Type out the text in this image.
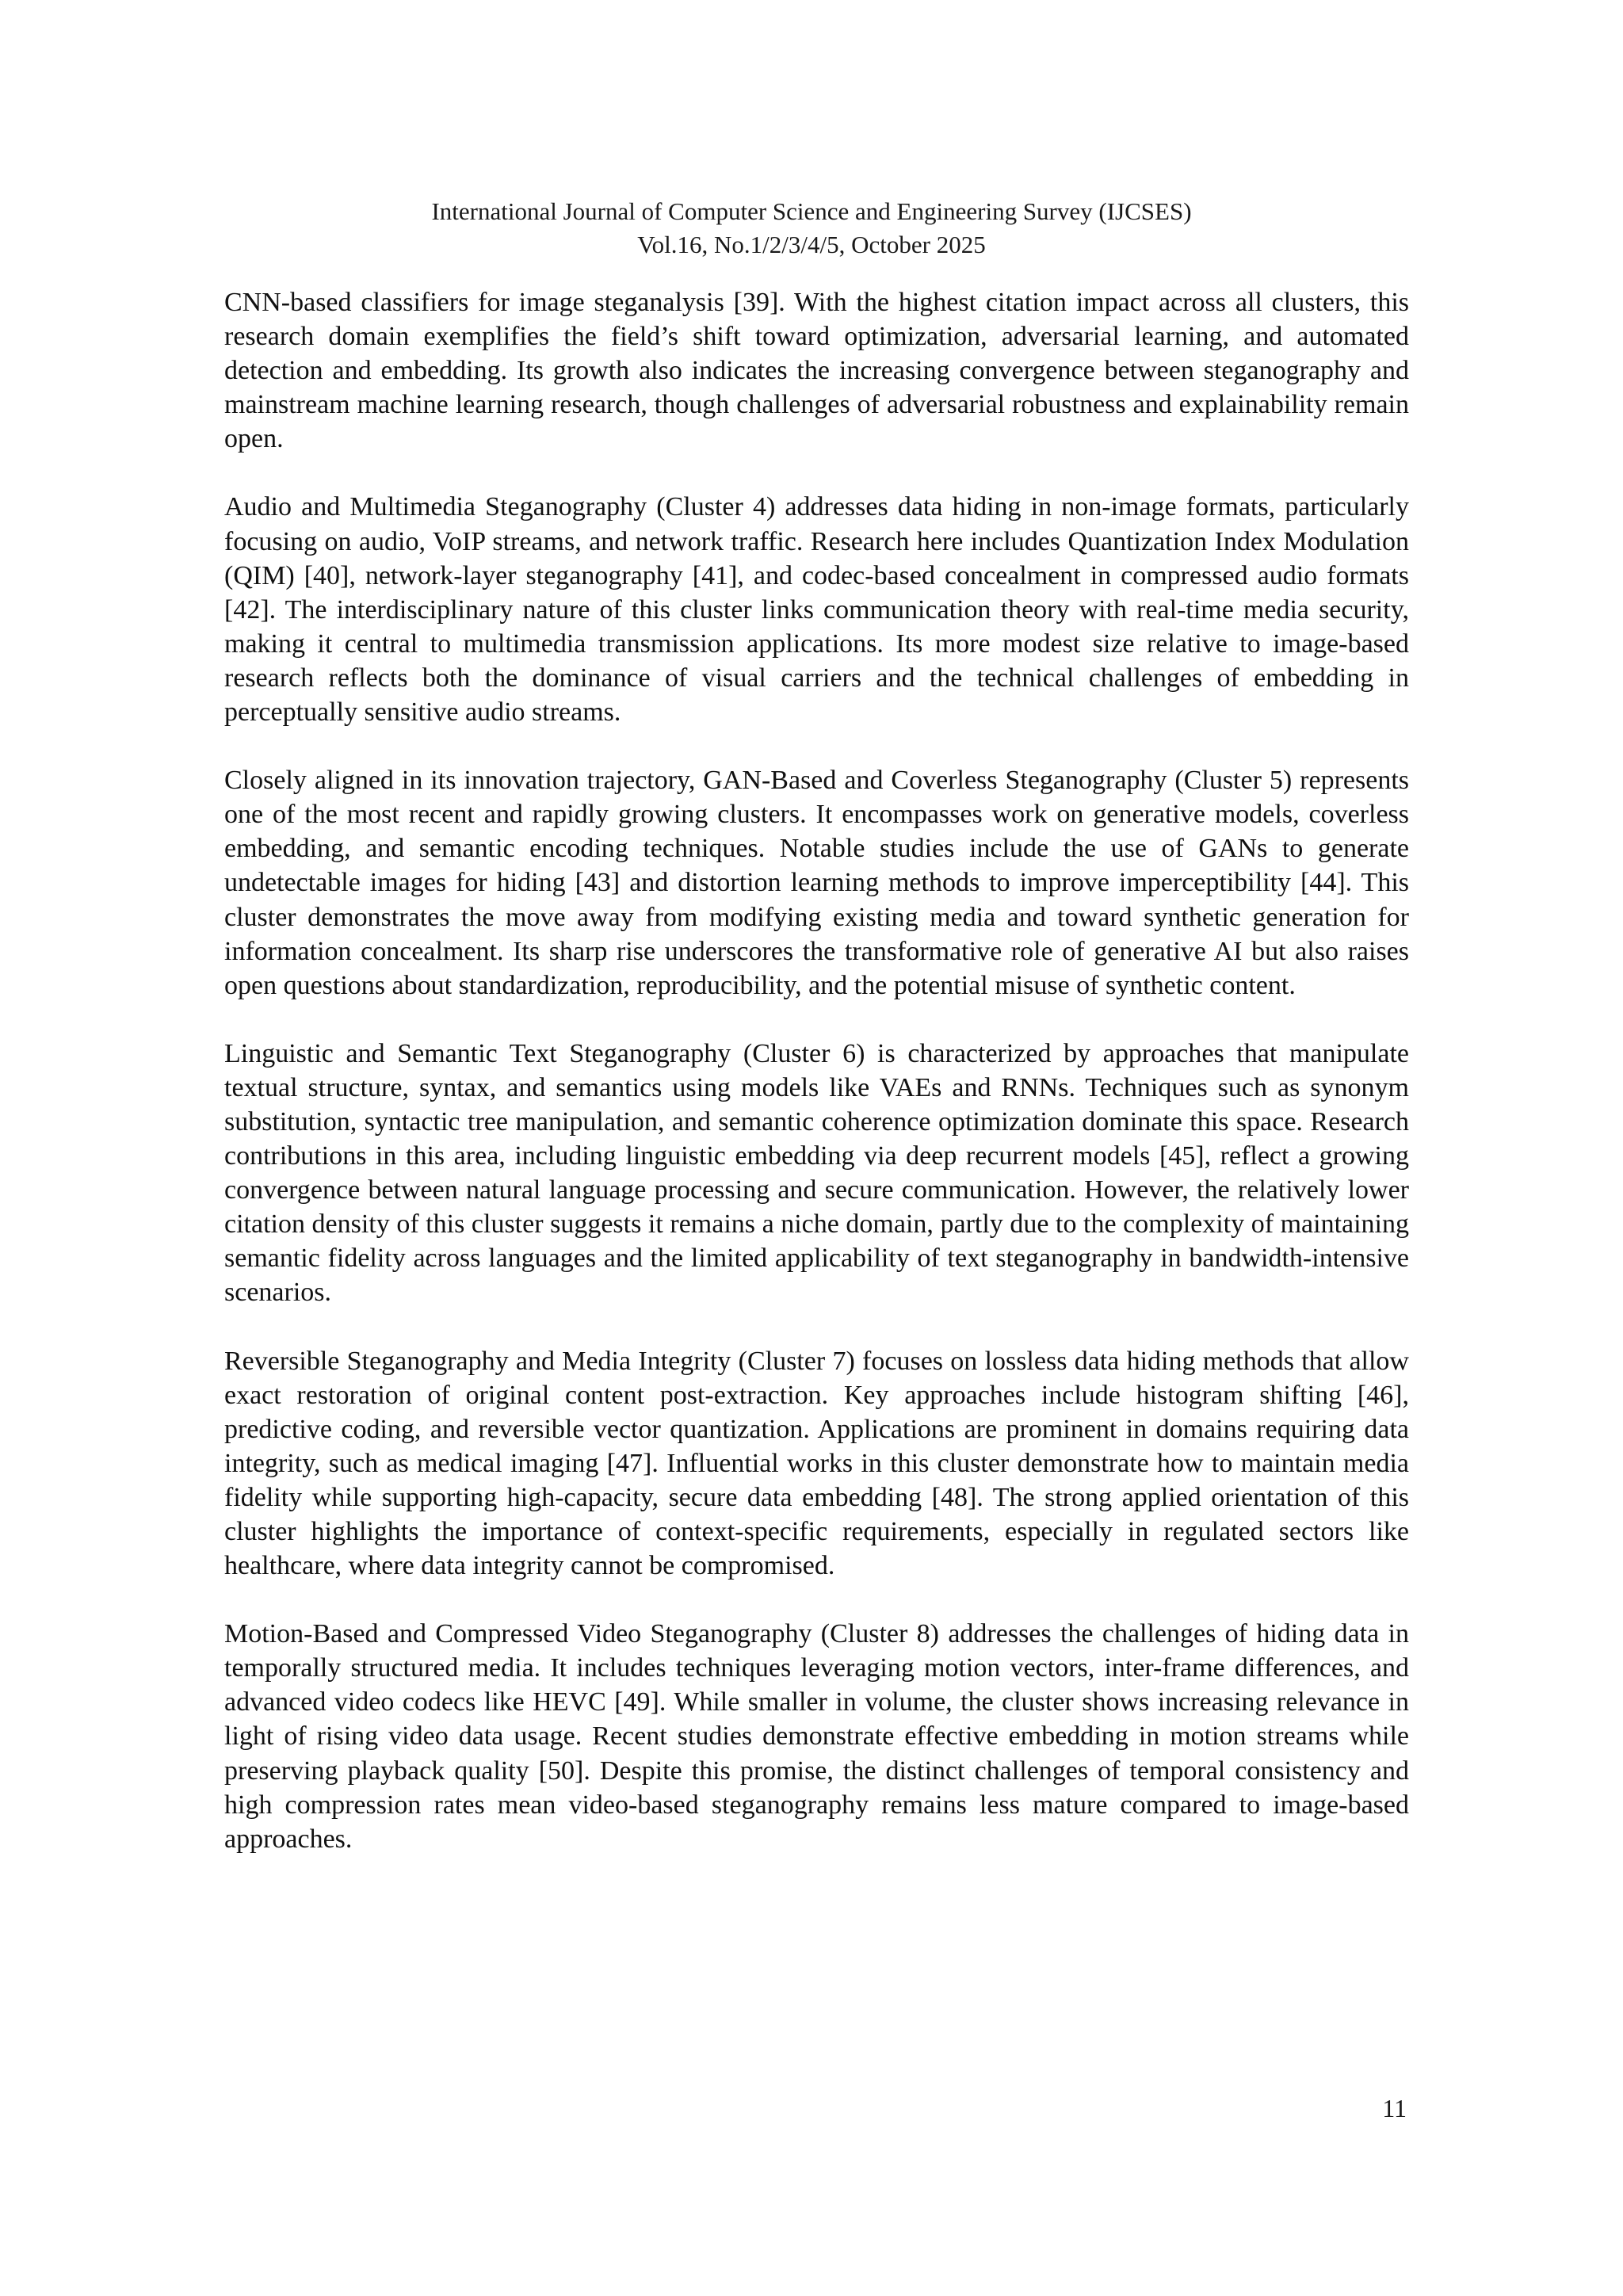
International Journal of Computer Science and Engineering Survey (IJCSES)
Vol.16, No.1/2/3/4/5, October 2025

CNN-based classifiers for image steganalysis [39]. With the highest citation impact across all clusters, this research domain exemplifies the field’s shift toward optimization, adversarial learning, and automated detection and embedding. Its growth also indicates the increasing convergence between steganography and mainstream machine learning research, though challenges of adversarial robustness and explainability remain open.

Audio and Multimedia Steganography (Cluster 4) addresses data hiding in non-image formats, particularly focusing on audio, VoIP streams, and network traffic. Research here includes Quantization Index Modulation (QIM) [40], network-layer steganography [41], and codec-based concealment in compressed audio formats [42]. The interdisciplinary nature of this cluster links communication theory with real-time media security, making it central to multimedia transmission applications. Its more modest size relative to image-based research reflects both the dominance of visual carriers and the technical challenges of embedding in perceptually sensitive audio streams.

Closely aligned in its innovation trajectory, GAN-Based and Coverless Steganography (Cluster 5) represents one of the most recent and rapidly growing clusters. It encompasses work on generative models, coverless embedding, and semantic encoding techniques. Notable studies include the use of GANs to generate undetectable images for hiding [43] and distortion learning methods to improve imperceptibility [44]. This cluster demonstrates the move away from modifying existing media and toward synthetic generation for information concealment. Its sharp rise underscores the transformative role of generative AI but also raises open questions about standardization, reproducibility, and the potential misuse of synthetic content.

Linguistic and Semantic Text Steganography (Cluster 6) is characterized by approaches that manipulate textual structure, syntax, and semantics using models like VAEs and RNNs. Techniques such as synonym substitution, syntactic tree manipulation, and semantic coherence optimization dominate this space. Research contributions in this area, including linguistic embedding via deep recurrent models [45], reflect a growing convergence between natural language processing and secure communication. However, the relatively lower citation density of this cluster suggests it remains a niche domain, partly due to the complexity of maintaining semantic fidelity across languages and the limited applicability of text steganography in bandwidth-intensive scenarios.

Reversible Steganography and Media Integrity (Cluster 7) focuses on lossless data hiding methods that allow exact restoration of original content post-extraction. Key approaches include histogram shifting [46], predictive coding, and reversible vector quantization. Applications are prominent in domains requiring data integrity, such as medical imaging [47]. Influential works in this cluster demonstrate how to maintain media fidelity while supporting high-capacity, secure data embedding [48]. The strong applied orientation of this cluster highlights the importance of context-specific requirements, especially in regulated sectors like healthcare, where data integrity cannot be compromised.

Motion-Based and Compressed Video Steganography (Cluster 8) addresses the challenges of hiding data in temporally structured media. It includes techniques leveraging motion vectors, inter-frame differences, and advanced video codecs like HEVC [49]. While smaller in volume, the cluster shows increasing relevance in light of rising video data usage. Recent studies demonstrate effective embedding in motion streams while preserving playback quality [50]. Despite this promise, the distinct challenges of temporal consistency and high compression rates mean video-based steganography remains less mature compared to image-based approaches.

11
